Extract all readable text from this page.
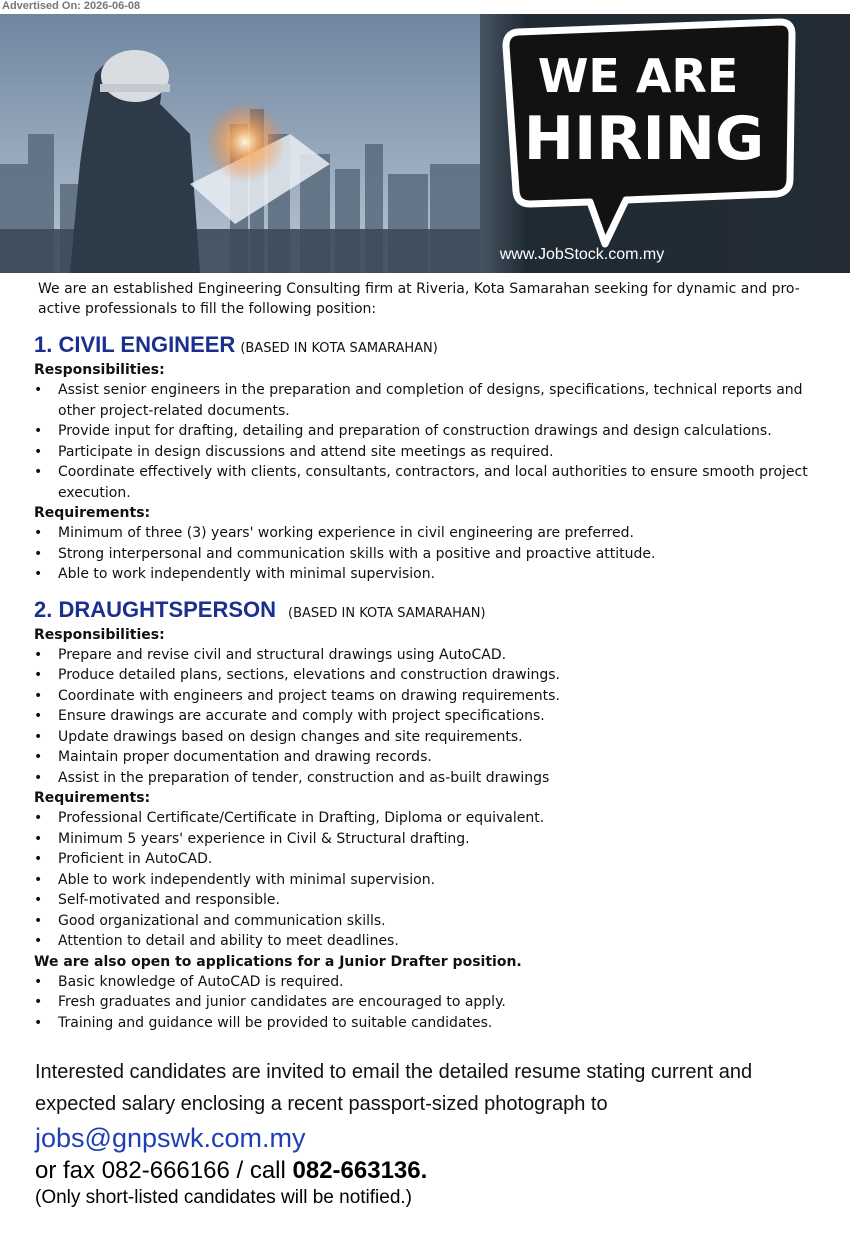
Advertised On: 2026-06-08
WE ARE
HIRING
www.JobStock.com.my
We are an established Engineering Consulting firm at Riveria, Kota Samarahan seeking for dynamic and pro-active professionals to fill the following position:
1. CIVIL ENGINEER (BASED IN KOTA SAMARAHAN)
Responsibilities:
• Assist senior engineers in the preparation and completion of designs, specifications, technical reports and other project-related documents.
• Provide input for drafting, detailing and preparation of construction drawings and design calculations.
• Participate in design discussions and attend site meetings as required.
• Coordinate effectively with clients, consultants, contractors, and local authorities to ensure smooth project execution.
Requirements:
• Minimum of three (3) years' working experience in civil engineering are preferred.
• Strong interpersonal and communication skills with a positive and proactive attitude.
• Able to work independently with minimal supervision.
2. DRAUGHTSPERSON (BASED IN KOTA SAMARAHAN)
Responsibilities:
• Prepare and revise civil and structural drawings using AutoCAD.
• Produce detailed plans, sections, elevations and construction drawings.
• Coordinate with engineers and project teams on drawing requirements.
• Ensure drawings are accurate and comply with project specifications.
• Update drawings based on design changes and site requirements.
• Maintain proper documentation and drawing records.
• Assist in the preparation of tender, construction and as-built drawings
Requirements:
• Professional Certificate/Certificate in Drafting, Diploma or equivalent.
• Minimum 5 years' experience in Civil & Structural drafting.
• Proficient in AutoCAD.
• Able to work independently with minimal supervision.
• Self-motivated and responsible.
• Good organizational and communication skills.
• Attention to detail and ability to meet deadlines.
We are also open to applications for a Junior Drafter position.
• Basic knowledge of AutoCAD is required.
• Fresh graduates and junior candidates are encouraged to apply.
• Training and guidance will be provided to suitable candidates.
Interested candidates are invited to email the detailed resume stating current and
expected salary enclosing a recent passport-sized photograph to
jobs@gnpswk.com.my
or fax 082-666166 / call 082-663136.
(Only short-listed candidates will be notified.)
